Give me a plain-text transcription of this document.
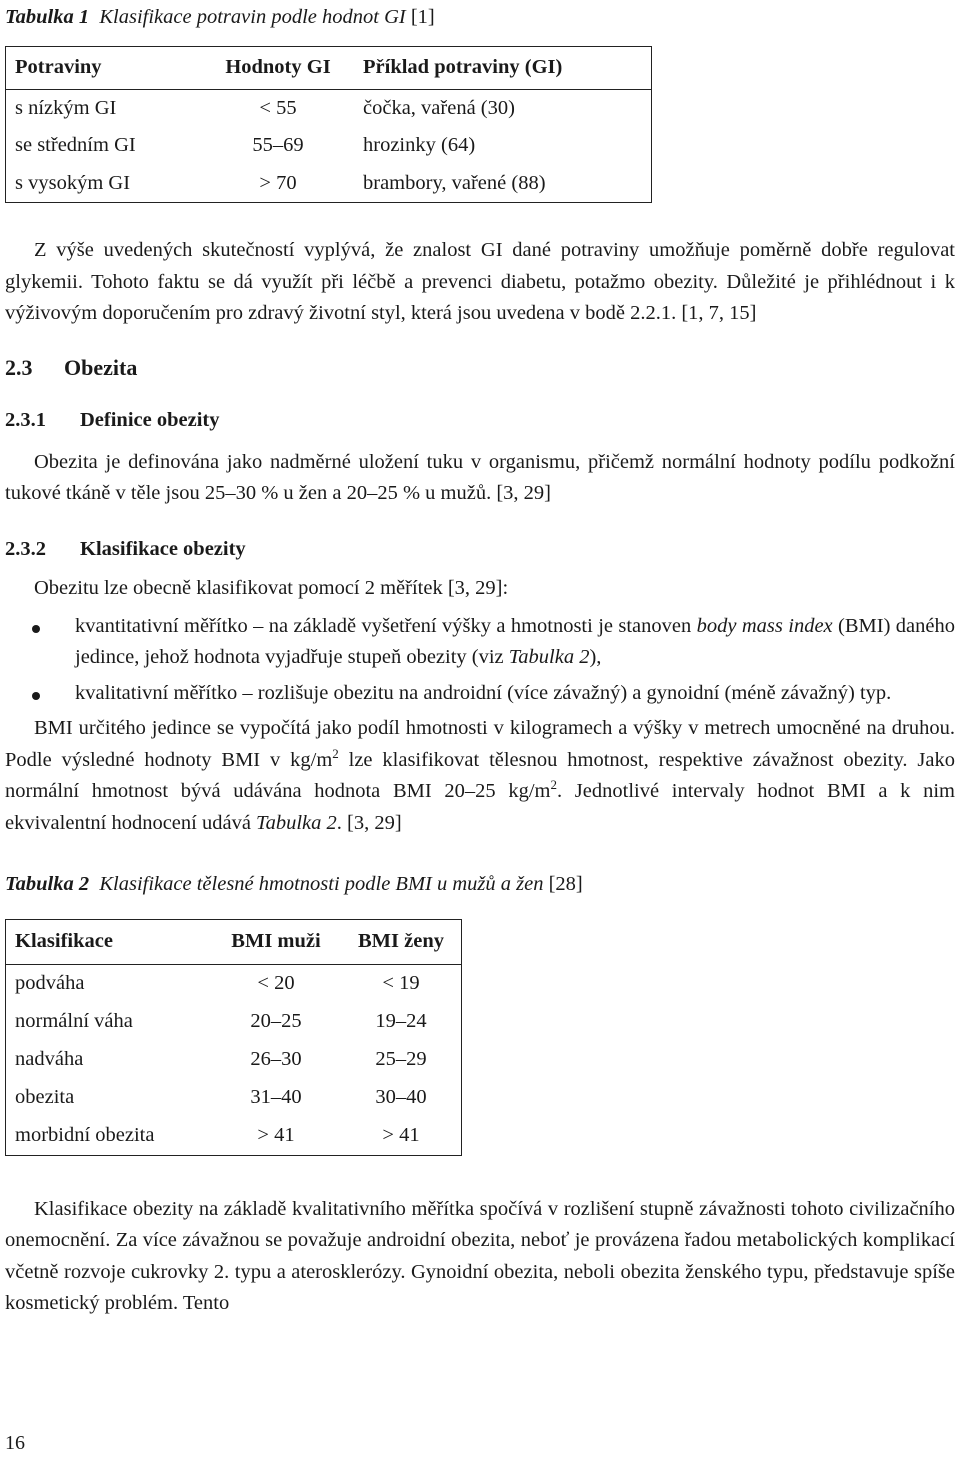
Tabulka 1 Klasifikace potravin podle hodnot GI [1]
Potraviny	Hodnoty GI	Příklad potraviny (GI)
s nízkým GI	< 55	čočka, vařená (30)
se středním GI	55–69	hrozinky (64)
s vysokým GI	> 70	brambory, vařené (88)

Z výše uvedených skutečností vyplývá, že znalost GI dané potraviny umožňuje poměrně dobře regulovat glykemii. Tohoto faktu se dá využít při léčbě a prevenci diabetu, potažmo obezity. Důležité je přihlédnout i k výživovým doporučením pro zdravý životní styl, která jsou uvedena v bodě 2.2.1. [1, 7, 15]

2.3 Obezita
2.3.1 Definice obezity

Obezita je definována jako nadměrné uložení tuku v organismu, přičemž normální hodnoty podílu podkožní tukové tkáně v těle jsou 25–30 % u žen a 20–25 % u mužů. [3, 29]

2.3.2 Klasifikace obezity

Obezitu lze obecně klasifikovat pomocí 2 měřítek [3, 29]:

kvantitativní měřítko – na základě vyšetření výšky a hmotnosti je stanoven body mass index (BMI) daného jedince, jehož hodnota vyjadřuje stupeň obezity (viz Tabulka 2),
kvalitativní měřítko – rozlišuje obezitu na androidní (více závažný) a gynoidní (méně závažný) typ.

BMI určitého jedince se vypočítá jako podíl hmotnosti v kilogramech a výšky v metrech umocněné na druhou. Podle výsledné hodnoty BMI v $kg/m^2$ lze klasifikovat tělesnou hmotnost, respektive závažnost obezity. Jako normální hmotnost bývá udávána hodnota BMI 20–25 $kg/m^2$. Jednotlivé intervaly hodnot BMI a k nim ekvivalentní hodnocení udává Tabulka 2. [3, 29]

Tabulka 2 Klasifikace tělesné hmotnosti podle BMI u mužů a žen [28]
Klasifikace	BMI muži	BMI ženy
podváha	< 20	< 19
normální váha	20–25	19–24
nadváha	26–30	25–29
obezita	31–40	30–40
morbidní obezita	> 41	> 41

Klasifikace obezity na základě kvalitativního měřítka spočívá v rozlišení stupně závažnosti tohoto civilizačního onemocnění. Za více závažnou se považuje androidní obezita, neboť je provázena řadou metabolických komplikací včetně rozvoje cukrovky 2. typu a aterosklerózy. Gynoidní obezita, neboli obezita ženského typu, představuje spíše kosmetický problém. Tento

16
